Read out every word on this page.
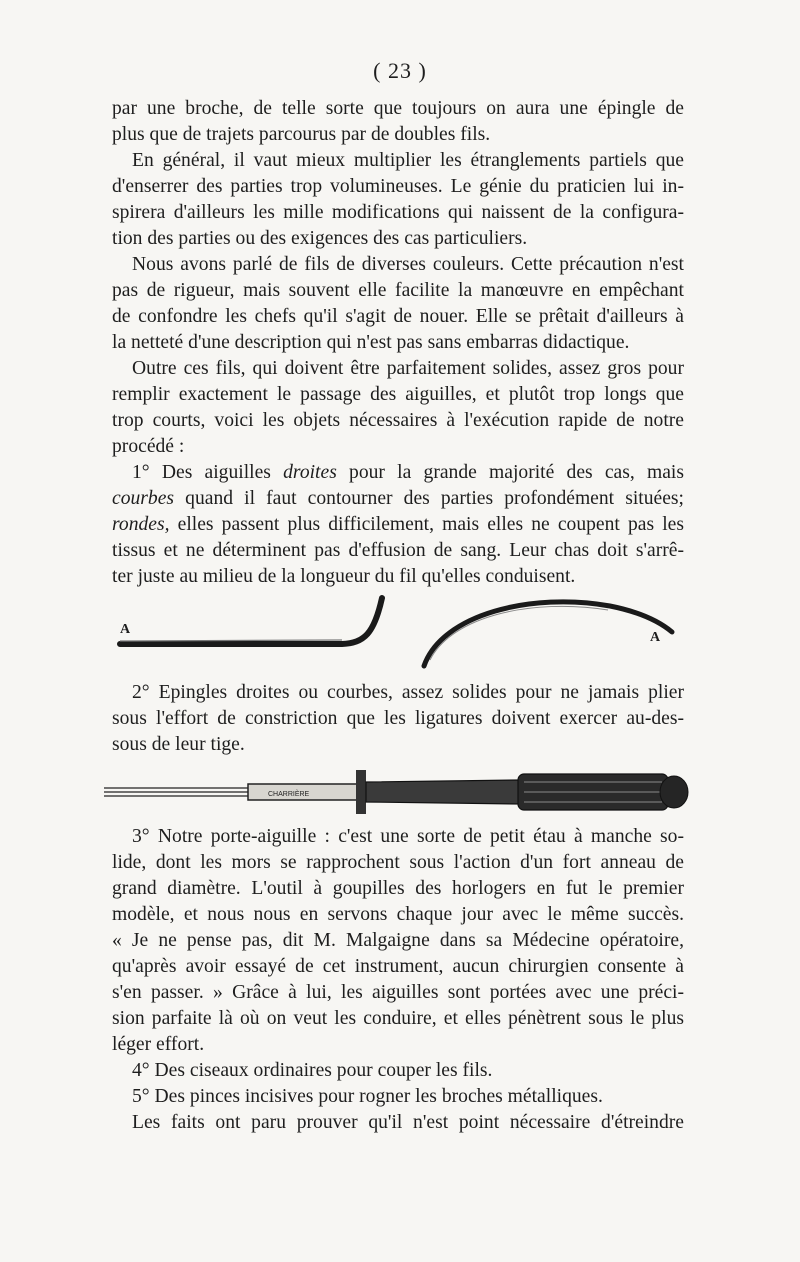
( 23 )
par une broche, de telle sorte que toujours on aura une épingle de
plus que de trajets parcourus par de doubles fils.
En général, il vaut mieux multiplier les étranglements partiels que
d'enserrer des parties trop volumineuses. Le génie du praticien lui in-
spirera d'ailleurs les mille modifications qui naissent de la configura-
tion des parties ou des exigences des cas particuliers.
Nous avons parlé de fils de diverses couleurs. Cette précaution n'est
pas de rigueur, mais souvent elle facilite la manœuvre en empêchant
de confondre les chefs qu'il s'agit de nouer. Elle se prêtait d'ailleurs à
la netteté d'une description qui n'est pas sans embarras didactique.
Outre ces fils, qui doivent être parfaitement solides, assez gros pour
remplir exactement le passage des aiguilles, et plutôt trop longs que
trop courts, voici les objets nécessaires à l'exécution rapide de notre
procédé :
1° Des aiguilles droites pour la grande majorité des cas, mais
courbes quand il faut contourner des parties profondément situées;
rondes, elles passent plus difficilement, mais elles ne coupent pas les
tissus et ne déterminent pas d'effusion de sang. Leur chas doit s'arrê-
ter juste au milieu de la longueur du fil qu'elles conduisent.
A
A
2° Epingles droites ou courbes, assez solides pour ne jamais plier
sous l'effort de constriction que les ligatures doivent exercer au-des-
sous de leur tige.
CHARRIÈRE
3° Notre porte-aiguille : c'est une sorte de petit étau à manche so-
lide, dont les mors se rapprochent sous l'action d'un fort anneau de
grand diamètre. L'outil à goupilles des horlogers en fut le premier
modèle, et nous nous en servons chaque jour avec le même succès.
« Je ne pense pas, dit M. Malgaigne dans sa Médecine opératoire,
qu'après avoir essayé de cet instrument, aucun chirurgien consente à
s'en passer. » Grâce à lui, les aiguilles sont portées avec une préci-
sion parfaite là où on veut les conduire, et elles pénètrent sous le plus
léger effort.
4° Des ciseaux ordinaires pour couper les fils.
5° Des pinces incisives pour rogner les broches métalliques.
Les faits ont paru prouver qu'il n'est point nécessaire d'étreindre
